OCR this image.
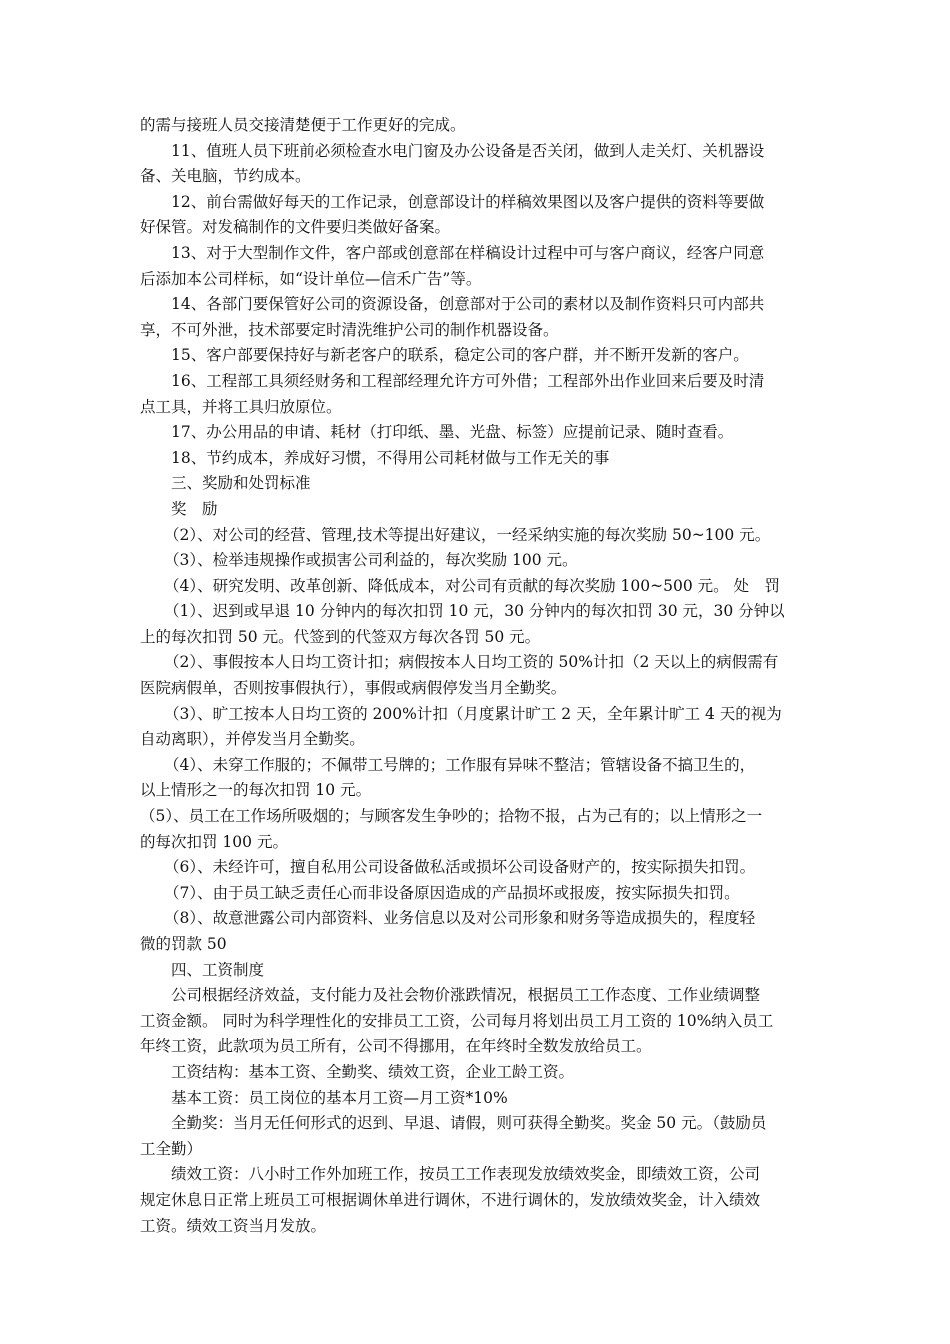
的需与接班人员交接清楚便于工作更好的完成。
11、值班人员下班前必须检查水电门窗及办公设备是否关闭，做到人走关灯、关机器设
备、关电脑，节约成本。
12、前台需做好每天的工作记录，创意部设计的样稿效果图以及客户提供的资料等要做
好保管。对发稿制作的文件要归类做好备案。
13、对于大型制作文件，客户部或创意部在样稿设计过程中可与客户商议，经客户同意
后添加本公司样标，如“设计单位—信禾广告”等。
14、各部门要保管好公司的资源设备，创意部对于公司的素材以及制作资料只可内部共
享，不可外泄，技术部要定时清洗维护公司的制作机器设备。
15、客户部要保持好与新老客户的联系，稳定公司的客户群，并不断开发新的客户。
16、工程部工具须经财务和工程部经理允许方可外借；工程部外出作业回来后要及时清
点工具，并将工具归放原位。
17、办公用品的申请、耗材（打印纸、墨、光盘、标签）应提前记录、随时查看。
18、节约成本，养成好习惯，不得用公司耗材做与工作无关的事
三、奖励和处罚标准
奖　励
（2）、对公司的经营、管理,技术等提出好建议，一经采纳实施的每次奖励 50~100 元。
（3）、检举违规操作或损害公司利益的，每次奖励 100 元。
（4）、研究发明、改革创新、降低成本，对公司有贡献的每次奖励 100~500 元。 处　罚
（1）、迟到或早退 10 分钟内的每次扣罚 10 元，30 分钟内的每次扣罚 30 元，30 分钟以
上的每次扣罚 50 元。代签到的代签双方每次各罚 50 元。
（2）、事假按本人日均工资计扣；病假按本人日均工资的 50%计扣（2 天以上的病假需有
医院病假单，否则按事假执行），事假或病假停发当月全勤奖。
（3）、旷工按本人日均工资的 200%计扣（月度累计旷工 2 天，全年累计旷工 4 天的视为
自动离职），并停发当月全勤奖。
（4）、未穿工作服的；不佩带工号牌的；工作服有异味不整洁；管辖设备不搞卫生的，
以上情形之一的每次扣罚 10 元。
（5）、员工在工作场所吸烟的；与顾客发生争吵的；拾物不报，占为己有的；以上情形之一
的每次扣罚 100 元。
（6）、未经许可，擅自私用公司设备做私活或损坏公司设备财产的，按实际损失扣罚。
（7）、由于员工缺乏责任心而非设备原因造成的产品损坏或报废，按实际损失扣罚。
（8）、故意泄露公司内部资料、业务信息以及对公司形象和财务等造成损失的，程度轻
微的罚款 50
四、工资制度
公司根据经济效益，支付能力及社会物价涨跌情况，根据员工工作态度、工作业绩调整
工资金额。 同时为科学理性化的安排员工工资，公司每月将划出员工月工资的 10%纳入员工
年终工资，此款项为员工所有，公司不得挪用，在年终时全数发放给员工。
工资结构：基本工资、全勤奖、绩效工资，企业工龄工资。
基本工资：员工岗位的基本月工资—月工资*10%
全勤奖：当月无任何形式的迟到、早退、请假，则可获得全勤奖。奖金 50 元。（鼓励员
工全勤）
绩效工资：八小时工作外加班工作，按员工工作表现发放绩效奖金，即绩效工资，公司
规定休息日正常上班员工可根据调休单进行调休，不进行调休的，发放绩效奖金，计入绩效
工资。绩效工资当月发放。
